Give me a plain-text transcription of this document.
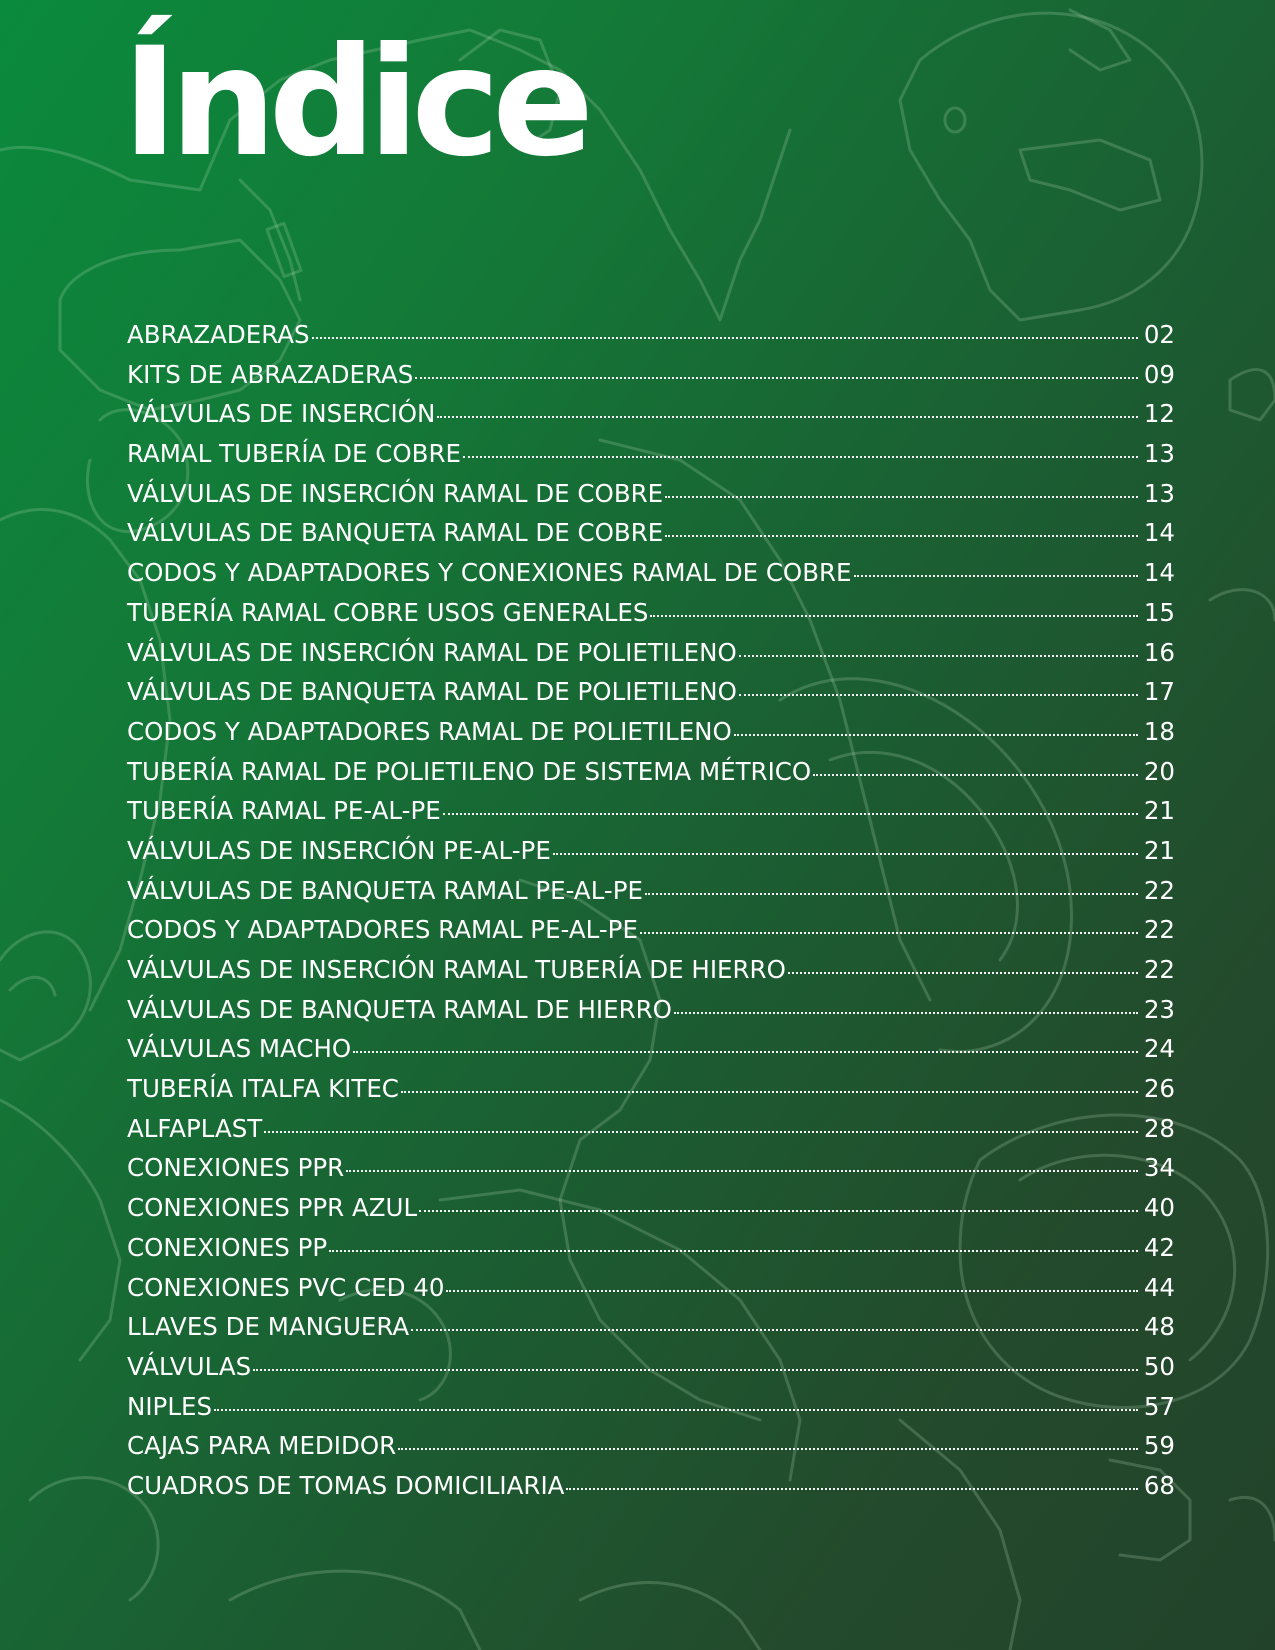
Índice
ABRAZADERAS	02
KITS DE ABRAZADERAS	09
VÁLVULAS DE INSERCIÓN	12
RAMAL TUBERÍA DE COBRE	13
VÁLVULAS DE INSERCIÓN RAMAL DE COBRE	13
VÁLVULAS DE BANQUETA RAMAL DE COBRE	14
CODOS Y ADAPTADORES Y CONEXIONES RAMAL DE COBRE	14
TUBERÍA RAMAL COBRE USOS GENERALES	15
VÁLVULAS DE INSERCIÓN RAMAL DE POLIETILENO	16
VÁLVULAS DE BANQUETA RAMAL DE POLIETILENO	17
CODOS Y ADAPTADORES RAMAL DE POLIETILENO	18
TUBERÍA RAMAL DE POLIETILENO DE SISTEMA MÉTRICO	20
TUBERÍA RAMAL PE-AL-PE	21
VÁLVULAS DE INSERCIÓN PE-AL-PE	21
VÁLVULAS DE BANQUETA RAMAL PE-AL-PE	22
CODOS Y ADAPTADORES RAMAL PE-AL-PE	22
VÁLVULAS DE INSERCIÓN RAMAL TUBERÍA DE HIERRO	22
VÁLVULAS DE BANQUETA RAMAL DE HIERRO	23
VÁLVULAS MACHO	24
TUBERÍA ITALFA KITEC	26
ALFAPLAST	28
CONEXIONES PPR	34
CONEXIONES PPR AZUL	40
CONEXIONES PP	42
CONEXIONES PVC CED 40	44
LLAVES DE MANGUERA	48
VÁLVULAS	50
NIPLES	57
CAJAS PARA MEDIDOR	59
CUADROS DE TOMAS DOMICILIARIA	68
